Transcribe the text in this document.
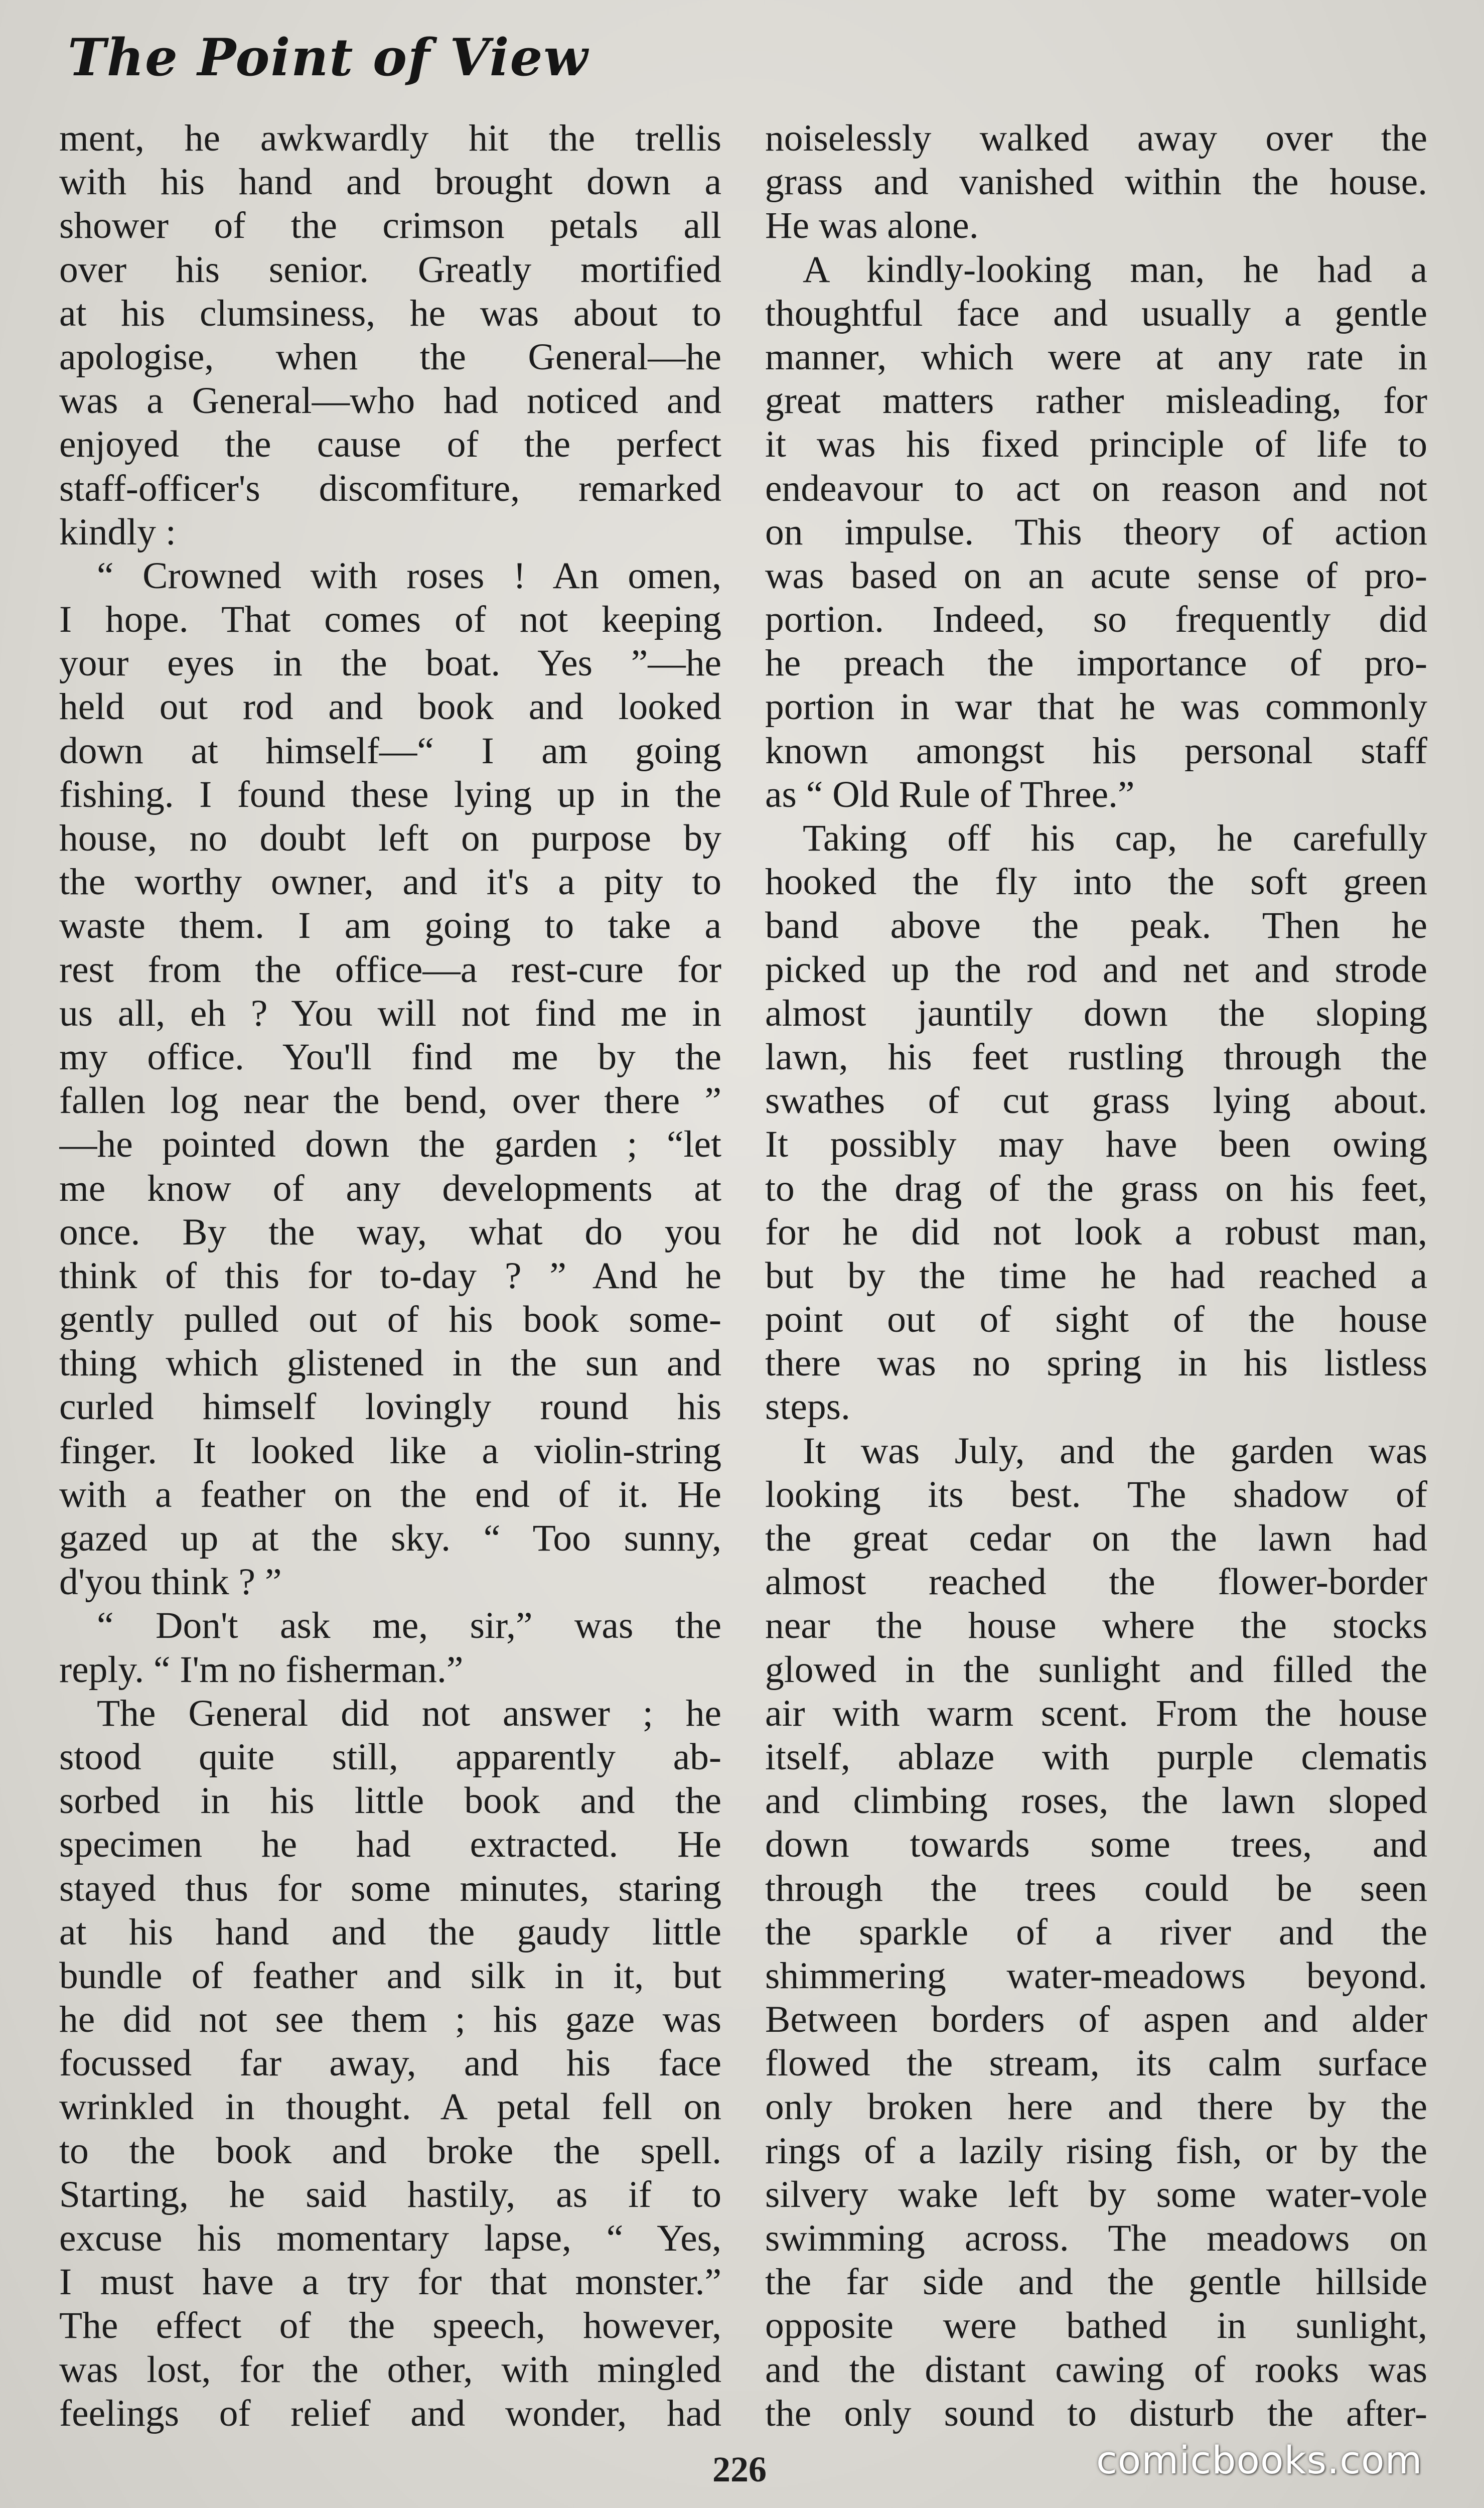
The Point of View
ment, he awkwardly hit the trellis
with his hand and brought down a
shower of the crimson petals all
over his senior. Greatly mortified
at his clumsiness, he was about to
apologise, when the General—he
was a General—who had noticed and
enjoyed the cause of the perfect
staff-officer's discomfiture, remarked
kindly :
“ Crowned with roses ! An omen,
I hope. That comes of not keeping
your eyes in the boat. Yes ”—he
held out rod and book and looked
down at himself—“ I am going
fishing. I found these lying up in the
house, no doubt left on purpose by
the worthy owner, and it's a pity to
waste them. I am going to take a
rest from the office—a rest-cure for
us all, eh ? You will not find me in
my office. You'll find me by the
fallen log near the bend, over there ”
—he pointed down the garden ; “let
me know of any developments at
once. By the way, what do you
think of this for to-day ? ” And he
gently pulled out of his book some-
thing which glistened in the sun and
curled himself lovingly round his
finger. It looked like a violin-string
with a feather on the end of it. He
gazed up at the sky. “ Too sunny,
d'you think ? ”
“ Don't ask me, sir,” was the
reply. “ I'm no fisherman.”
The General did not answer ; he
stood quite still, apparently ab-
sorbed in his little book and the
specimen he had extracted. He
stayed thus for some minutes, staring
at his hand and the gaudy little
bundle of feather and silk in it, but
he did not see them ; his gaze was
focussed far away, and his face
wrinkled in thought. A petal fell on
to the book and broke the spell.
Starting, he said hastily, as if to
excuse his momentary lapse, “ Yes,
I must have a try for that monster.”
The effect of the speech, however,
was lost, for the other, with mingled
feelings of relief and wonder, had
noiselessly walked away over the
grass and vanished within the house.
He was alone.
A kindly-looking man, he had a
thoughtful face and usually a gentle
manner, which were at any rate in
great matters rather misleading, for
it was his fixed principle of life to
endeavour to act on reason and not
on impulse. This theory of action
was based on an acute sense of pro-
portion. Indeed, so frequently did
he preach the importance of pro-
portion in war that he was commonly
known amongst his personal staff
as “ Old Rule of Three.”
Taking off his cap, he carefully
hooked the fly into the soft green
band above the peak. Then he
picked up the rod and net and strode
almost jauntily down the sloping
lawn, his feet rustling through the
swathes of cut grass lying about.
It possibly may have been owing
to the drag of the grass on his feet,
for he did not look a robust man,
but by the time he had reached a
point out of sight of the house
there was no spring in his listless
steps.
It was July, and the garden was
looking its best. The shadow of
the great cedar on the lawn had
almost reached the flower-border
near the house where the stocks
glowed in the sunlight and filled the
air with warm scent. From the house
itself, ablaze with purple clematis
and climbing roses, the lawn sloped
down towards some trees, and
through the trees could be seen
the sparkle of a river and the
shimmering water-meadows beyond.
Between borders of aspen and alder
flowed the stream, its calm surface
only broken here and there by the
rings of a lazily rising fish, or by the
silvery wake left by some water-vole
swimming across. The meadows on
the far side and the gentle hillside
opposite were bathed in sunlight,
and the distant cawing of rooks was
the only sound to disturb the after-
226	comicbooks.com
